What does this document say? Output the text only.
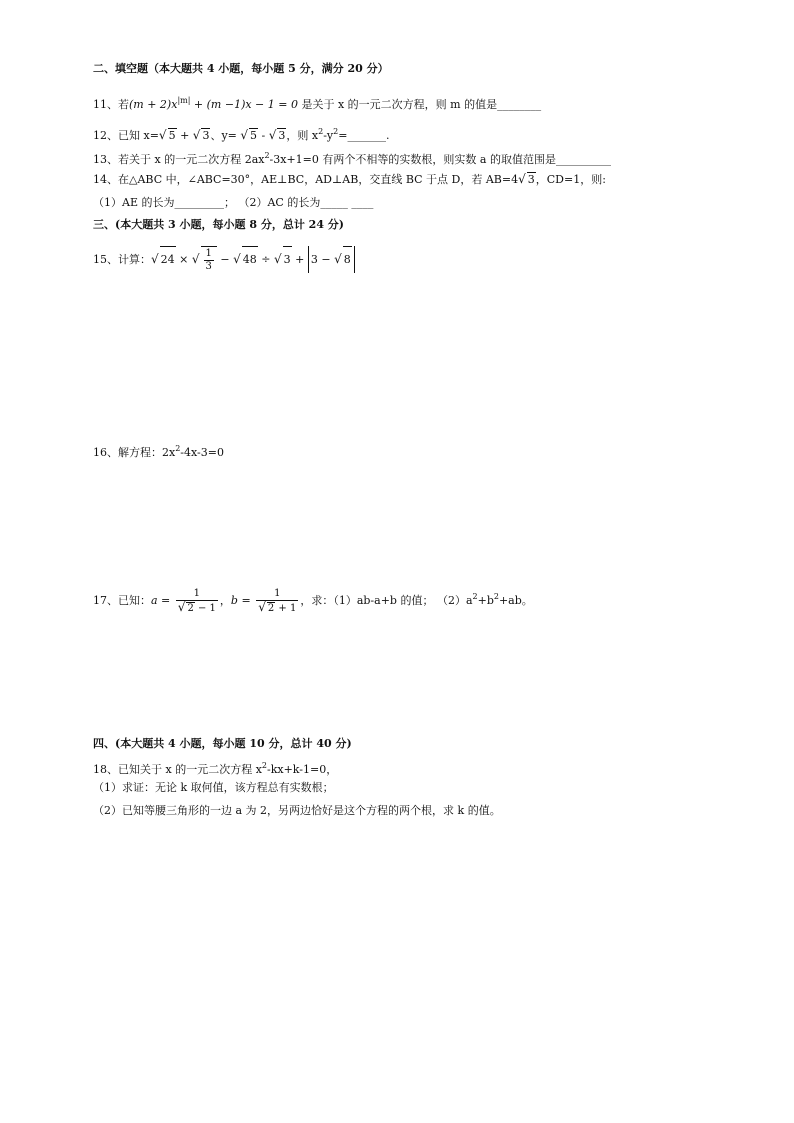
二、填空题（本大题共 4 小题，每小题 5 分，满分 20 分）
11、若$(m + 2)x^{|m|} + (m -1)x - 1 = 0$ 是关于 x 的一元二次方程，则 m 的值是________
12、已知 x=√ 5 + √ 3、y= √ 5 - √ 3，则 $x^2-y^2=\_\_\_\_\_\_\_$.
13、若关于 x 的一元二次方程 $2ax^2-3x+1=0$ 有两个不相等的实数根，则实数 a 的取值范围是__________
14、在△ABC 中，∠ABC=30°，AE⊥BC，AD⊥AB，交直线 BC 于点 D，若 AB=4√ 3，CD=1，则:
（1）AE 的长为_________； （2）AC 的长为_____ ____
三、(本大题共 3 小题，每小题 8 分，总计 24 分)
15、计算：√ 24 × √ $\frac{1}{3}$ − √ 48 ÷ √ 3 + 3 − √ 8
16、解方程：$2x^2-4x-3=0$
17、已知：$a = \frac{1}{√ 2 - 1}$ ，$b = \frac{1}{√ 2 + 1}$ ，求：（1）ab-a+b 的值； $(2)a^2+b^2+ab$。
四、(本大题共 4 小题，每小题 10 分，总计 40 分)
18、已知关于 x 的一元二次方程 $x^2-kx+k-1=0$，
（1）求证：无论 k 取何值，该方程总有实数根；
（2）已知等腰三角形的一边 a 为 2，另两边恰好是这个方程的两个根，求 k 的值。
